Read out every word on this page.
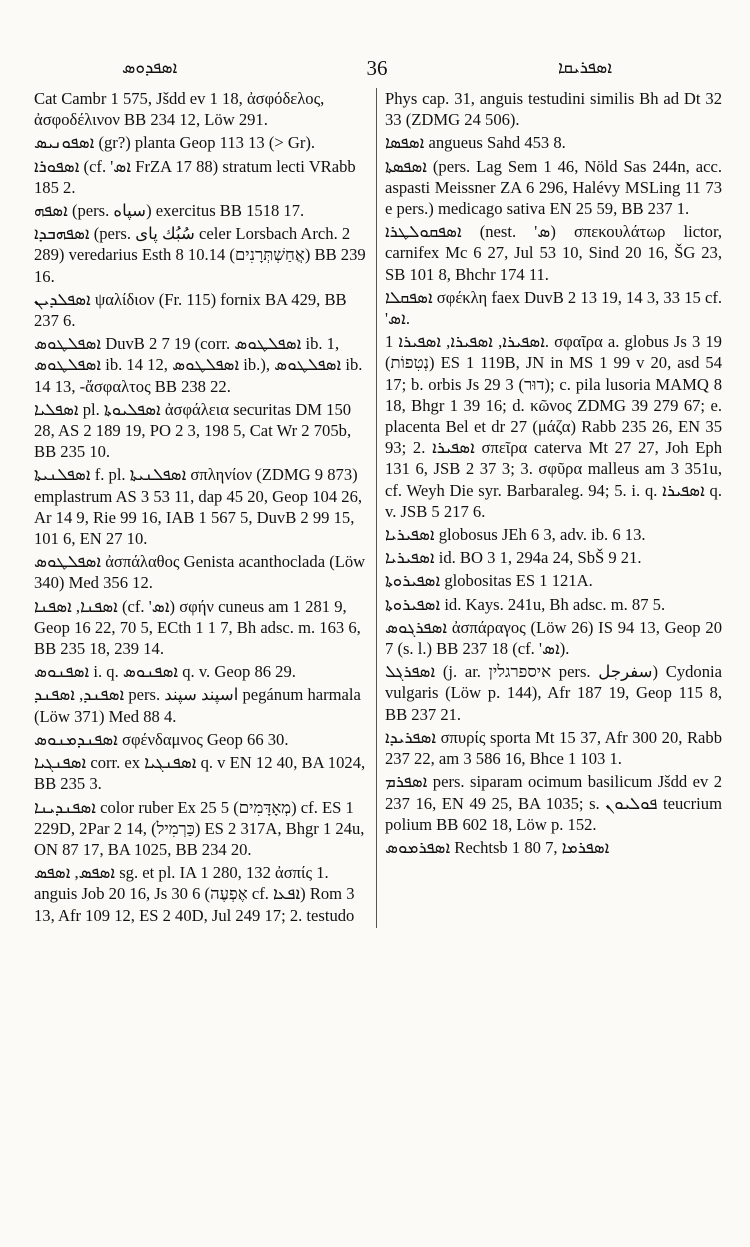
ܐܣܦܕܘܣ	36	ܐܣܦܪܝܩܐ

Cat Cambr 1 575, Jšdd ev 1 18, ἀσφόδελος, ἀσφοδέλινον BB 234 12, Löw 291.

ܐܣܦܘܢܝܣ (gr?) planta Geop 113 13 (> Gr).

ܐܣܦܘܪܐ (cf. 'ܐܣ FrZA 17 88) stratum lecti VRabb 185 2.

ܐܣܦܗ (pers. سپاه) exercitus BB 1518 17.

ܐܣܦܗܒܕܐ (pers. سُبُك پای celer Lorsbach Arch. 2 289) veredarius Esth 8 10.14 (אֲחַשְׁתְּרָנִים) BB 239 16.

ܐܣܦܠܕܝܢ ψαλίδιον (Fr. 115) fornix BA 429, BB 237 6.

ܐܣܦܠܛܘܣ DuvB 2 7 19 (corr. ܐܣܦܠܛܘܣ ib. 1, ܐܣܦܠܛܘܣ ib. 14 12, ܐܣܦܠܛܘܣ ib.), ܐܣܦܠܛܘܣ ib. 14 13, -ἄσφαλτος BB 238 22.

ܐܣܦܠܝܐ pl. ܐܣܦܠܝܘܬܐ ἀσφάλεια securitas DM 150 28, AS 2 189 19, PO 2 3, 198 5, Cat Wr 2 705b, BB 235 10.

ܐܣܦܠܢܝܬܐ f. pl. ܐܣܦܠܢܝܬܐ σπληνίον (ZDMG 9 873) emplastrum AS 3 53 11, dap 45 20, Geop 104 26, Ar 14 9, Rie 99 16, IAB 1 567 5, DuvB 2 99 15, 101 6, EN 27 10.

ܐܣܦܠܛܘܣ ἀσπάλαθος Genista acanthoclada (Löw 340) Med 356 12.

ܐܣܦܢܐ, ܐܣܦܢܐ (cf. 'ܐܣ) σφήν cuneus am 1 281 9, Geop 16 22, 70 5, ECth 1 1 7, Bh adsc. m. 163 6, BB 235 18, 239 14.

ܐܣܦܢܘܣ i. q. ܐܣܦܢܘܣ q. v. Geop 86 29.

ܐܣܦܢܕ, ܐܣܦܢܕ pers. اسپند سپند pegánum harmala (Löw 371) Med 88 4.

ܐܣܦܢܕܡܢܘܣ σφένδαμνος Geop 66 30.

ܐܣܦܢܓܝܐ corr. ex ܐܣܦܢܓܝܐ q. v EN 12 40, BA 1024, BB 235 3.

ܐܣܦܢܕܝܢܐ color ruber Ex 25 5 (מְאָדָּמִים) cf. ES 1 229D, 2Par 2 14, (כַּרְמִיל) ES 2 317A, Bhgr 1 24u, ON 87 17, BA 1025, BB 234 20.

ܐܣܦܣ, ܐܣܦܣ sg. et pl. IA 1 280, 132 ἀσπίς 1. anguis Job 20 16, Js 30 6 (אֶפְעֶה cf. ܐܦܥܐ) Rom 3 13, Afr 109 12, ES 2 40D, Jul 249 17; 2. testudo

Phys cap. 31, anguis testudini similis Bh ad Dt 32 33 (ZDMG 24 506).

ܐܣܦܣܐ angueus Sahd 453 8.

ܐܣܦܣܬܐ (pers. Lag Sem 1 46, Nöld Sas 244n, acc. aspasti Meissner ZA 6 296, Halévy MSLing 11 73 e pers.) medicago sativa EN 25 59, BB 237 1.

ܐܣܦܩܘܠܛܪܐ (nest. 'ܣ) σπεκουλάτωρ lictor, carnifex Mc 6 27, Jul 53 10, Sind 20 16, ŠG 23, SB 101 8, Bhchr 174 11.

ܐܣܦܩܠܐ σφέκλη faex DuvB 2 13 19, 14 3, 33 15 cf. 'ܐܣ.

ܐܣܦܝܪܐ, ܐܣܦܝܪܐ, ܐܣܦܝܪܐ 1. σφαῖρα a. globus Js 3 19 (נְטִפוֹת) ES 1 119B, JN in MS 1 99 v 20, asd 54 17; b. orbis Js 29 3 (דוּר); c. pila lusoria MAMQ 8 18, Bhgr 1 39 16; d. κῶνος ZDMG 39 279 67; e. placenta Bel et dr 27 (μάζα) Rabb 235 26, EN 35 93; 2. ܐܣܦܝܪܐ σπεῖρα caterva Mt 27 27, Joh Eph 131 6, JSB 2 37 3; 3. σφῦρα malleus am 3 351u, cf. Weyh Die syr. Barbaraleg. 94; 5. i. q. ܐܣܦܝܪܐ q. v. JSB 5 217 6.

ܐܣܦܝܪܝܐ globosus JEh 6 3, adv. ib. 6 13.

ܐܣܦܝܪܝܐ id. BO 3 1, 294a 24, SbŠ 9 21.

ܐܣܦܝܪܘܬܐ globositas ES 1 121A.

ܐܣܦܝܪܘܬܐ id. Kays. 241u, Bh adsc. m. 87 5.

ܐܣܦܪܓܘܣ ἀσπάραγος (Löw 26) IS 94 13, Geop 20 7 (s. l.) BB 237 18 (cf. 'ܐܣ).

ܐܣܦܪܓܠ (j. ar. איספרגלין pers. سفرجل) Cydonia vulgaris (Löw p. 144), Afr 187 19, Geop 115 8, BB 237 21.

ܐܣܦܪܝܕܐ σπυρίς sporta Mt 15 37, Afr 300 20, Rabb 237 22, am 3 586 16, Bhce 1 103 1.

ܐܣܦܪܡ pers. siparam ocimum basilicum Jšdd ev 2 237 16, EN 49 25, BA 1035; s. ܦܘܠܝܘܢ teucrium polium BB 602 18, Löw p. 152.

ܐܣܦܪܡܘܣ Rechtsb 1 80 7, ܐܣܦܪܡܐ
